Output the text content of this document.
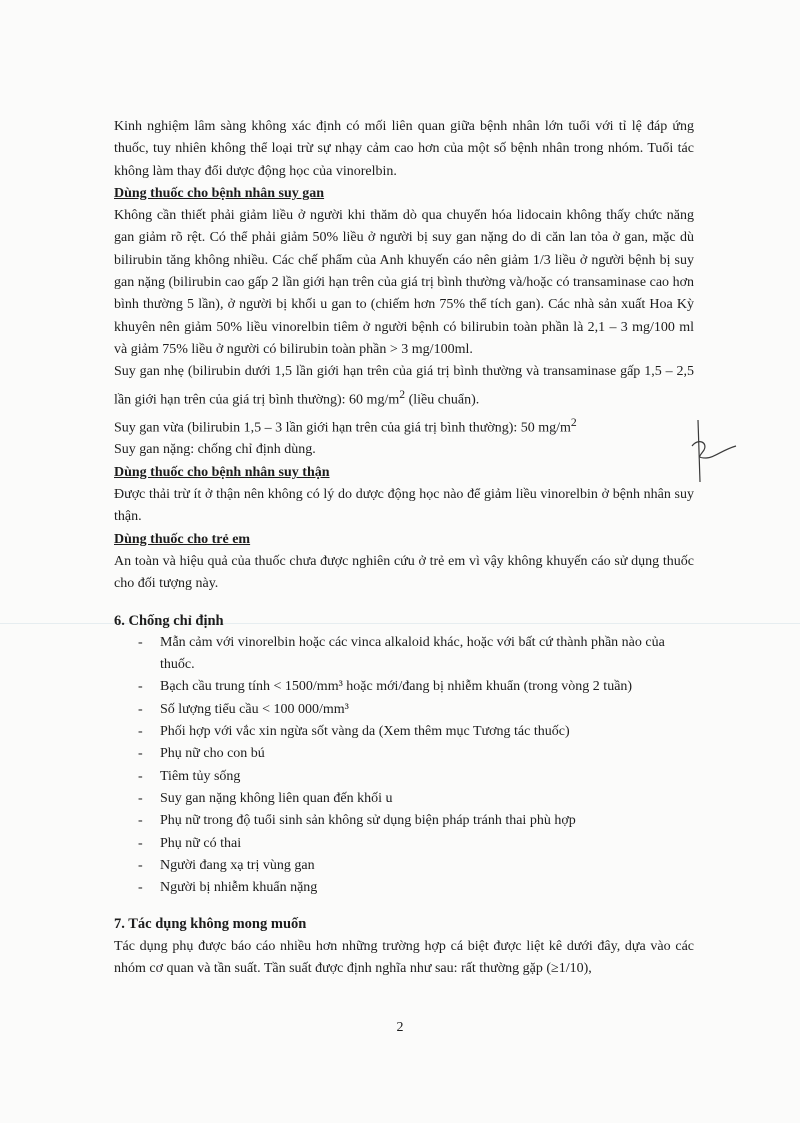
Kinh nghiệm lâm sàng không xác định có mối liên quan giữa bệnh nhân lớn tuổi với tỉ lệ đáp ứng thuốc, tuy nhiên không thể loại trừ sự nhạy cảm cao hơn của một số bệnh nhân trong nhóm. Tuổi tác không làm thay đổi dược động học của vinorelbin.

Dùng thuốc cho bệnh nhân suy gan

Không cần thiết phải giảm liều ở người khi thăm dò qua chuyển hóa lidocain không thấy chức năng gan giảm rõ rệt. Có thể phải giảm 50% liều ở người bị suy gan nặng do di căn lan tỏa ở gan, mặc dù bilirubin tăng không nhiều. Các chế phẩm của Anh khuyến cáo nên giảm 1/3 liều ở người bệnh bị suy gan nặng (bilirubin cao gấp 2 lần giới hạn trên của giá trị bình thường và/hoặc có transaminase cao hơn bình thường 5 lần), ở người bị khối u gan to (chiếm hơn 75% thể tích gan). Các nhà sản xuất Hoa Kỳ khuyên nên giảm 50% liều vinorelbin tiêm ở người bệnh có bilirubin toàn phần là 2,1 – 3 mg/100 ml và giảm 75% liều ở người có bilirubin toàn phần > 3 mg/100ml.

Suy gan nhẹ (bilirubin dưới 1,5 lần giới hạn trên của giá trị bình thường và transaminase gấp 1,5 – 2,5 lần giới hạn trên của giá trị bình thường): 60 $mg/m^2$ (liều chuẩn).

Suy gan vừa (bilirubin 1,5 – 3 lần giới hạn trên của giá trị bình thường): 50 $mg/m^2$

Suy gan nặng: chống chỉ định dùng.

Dùng thuốc cho bệnh nhân suy thận

Được thải trừ ít ở thận nên không có lý do dược động học nào để giảm liều vinorelbin ở bệnh nhân suy thận.

Dùng thuốc cho trẻ em

An toàn và hiệu quả của thuốc chưa được nghiên cứu ở trẻ em vì vậy không khuyến cáo sử dụng thuốc cho đối tượng này.

6. Chống chỉ định

- Mẫn cảm với vinorelbin hoặc các vinca alkaloid khác, hoặc với bất cứ thành phần nào của thuốc.
- Bạch cầu trung tính < 1500/mm³ hoặc mới/đang bị nhiễm khuẩn (trong vòng 2 tuần)
- Số lượng tiểu cầu < 100 000/mm³
- Phối hợp với vắc xin ngừa sốt vàng da (Xem thêm mục Tương tác thuốc)
- Phụ nữ cho con bú
- Tiêm tủy sống
- Suy gan nặng không liên quan đến khối u
- Phụ nữ trong độ tuổi sinh sản không sử dụng biện pháp tránh thai phù hợp
- Phụ nữ có thai
- Người đang xạ trị vùng gan
- Người bị nhiễm khuẩn nặng

7. Tác dụng không mong muốn

Tác dụng phụ được báo cáo nhiều hơn những trường hợp cá biệt được liệt kê dưới đây, dựa vào các nhóm cơ quan và tần suất. Tần suất được định nghĩa như sau: rất thường gặp (≥1/10),

2
